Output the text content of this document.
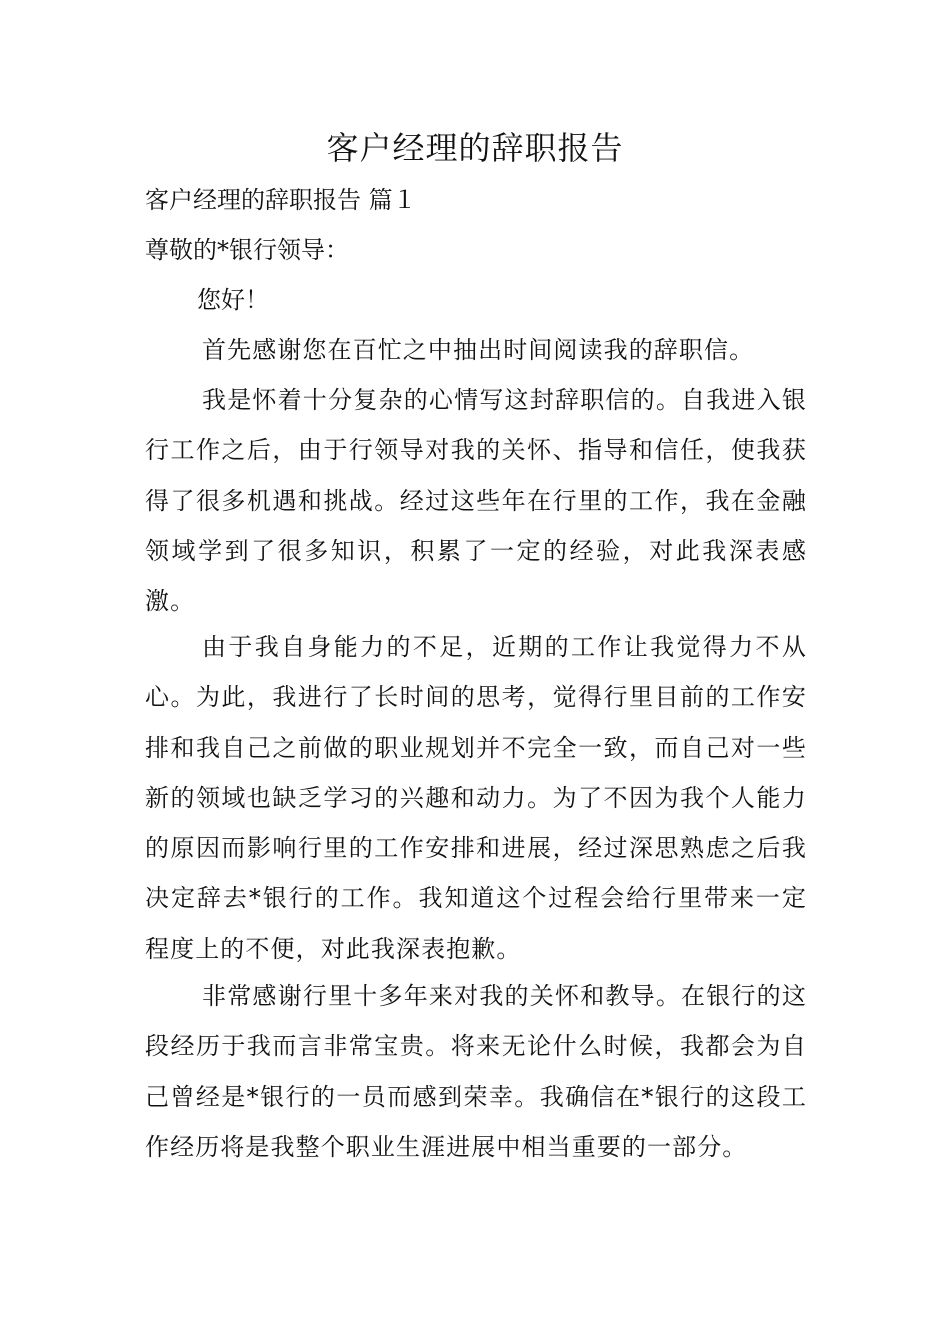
客户经理的辞职报告

客户经理的辞职报告 篇１

尊敬的*银行领导：

您好！

首先感谢您在百忙之中抽出时间阅读我的辞职信。

我是怀着十分复杂的心情写这封辞职信的。自我进入银行工作之后，由于行领导对我的关怀、指导和信任，使我获得了很多机遇和挑战。经过这些年在行里的工作，我在金融领域学到了很多知识，积累了一定的经验，对此我深表感激。

由于我自身能力的不足，近期的工作让我觉得力不从心。为此，我进行了长时间的思考，觉得行里目前的工作安排和我自己之前做的职业规划并不完全一致，而自己对一些新的领域也缺乏学习的兴趣和动力。为了不因为我个人能力的原因而影响行里的工作安排和进展，经过深思熟虑之后我决定辞去*银行的工作。我知道这个过程会给行里带来一定程度上的不便，对此我深表抱歉。

非常感谢行里十多年来对我的关怀和教导。在银行的这段经历于我而言非常宝贵。将来无论什么时候，我都会为自己曾经是*银行的一员而感到荣幸。我确信在*银行的这段工作经历将是我整个职业生涯进展中相当重要的一部分。
